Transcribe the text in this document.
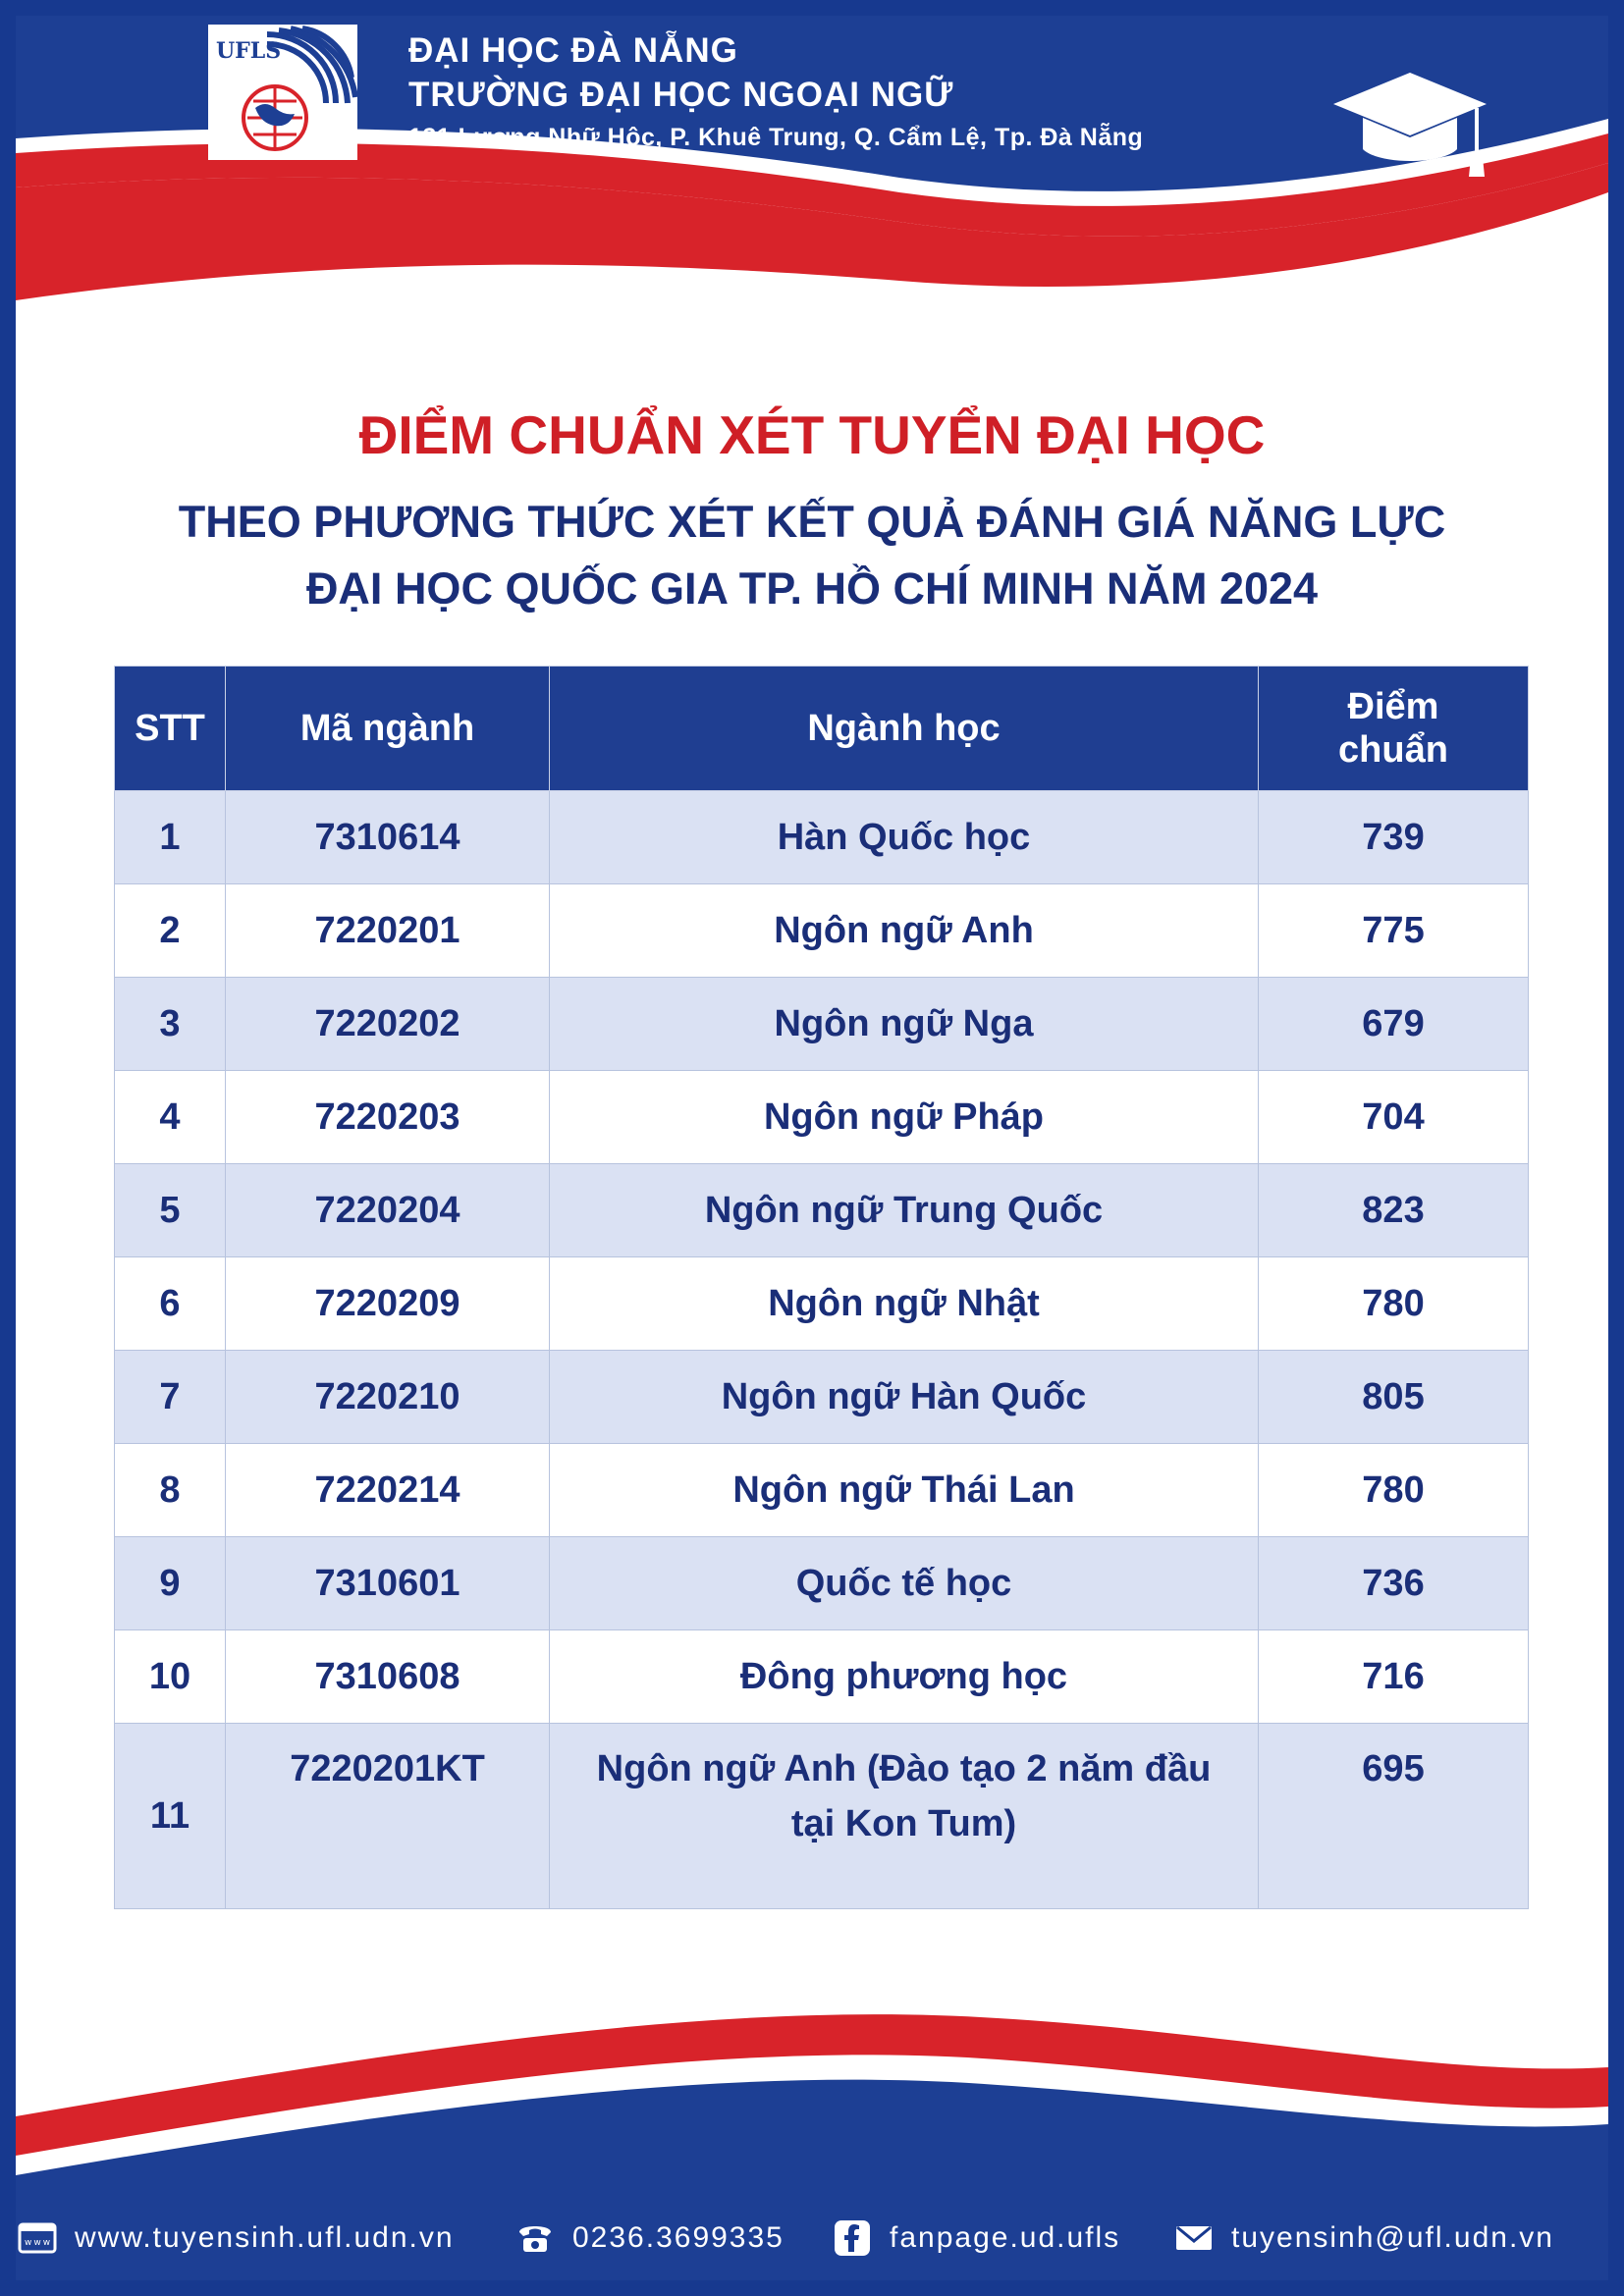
UFLS	ĐẠI HỌC ĐÀ NẴNG
TRƯỜNG ĐẠI HỌC NGOẠI NGỮ
131 Lương Nhữ Hộc, P. Khuê Trung, Q. Cẩm Lệ, Tp. Đà Nẵng
ĐIỂM CHUẨN XÉT TUYỂN ĐẠI HỌC
THEO PHƯƠNG THỨC XÉT KẾT QUẢ ĐÁNH GIÁ NĂNG LỰC
ĐẠI HỌC QUỐC GIA TP. HỒ CHÍ MINH NĂM 2024
STT	Mã ngành	Ngành học	Điểm chuẩn
1	7310614	Hàn Quốc học	739
2	7220201	Ngôn ngữ Anh	775
3	7220202	Ngôn ngữ Nga	679
4	7220203	Ngôn ngữ Pháp	704
5	7220204	Ngôn ngữ Trung Quốc	823
6	7220209	Ngôn ngữ Nhật	780
7	7220210	Ngôn ngữ Hàn Quốc	805
8	7220214	Ngôn ngữ Thái Lan	780
9	7310601	Quốc tế học	736
10	7310608	Đông phương học	716
11	7220201KT	Ngôn ngữ Anh (Đào tạo 2 năm đầu tại Kon Tum)	695
www www.tuyensinh.ufl.udn.vn	0236.3699335	fanpage.ud.ufls	tuyensinh@ufl.udn.vn
